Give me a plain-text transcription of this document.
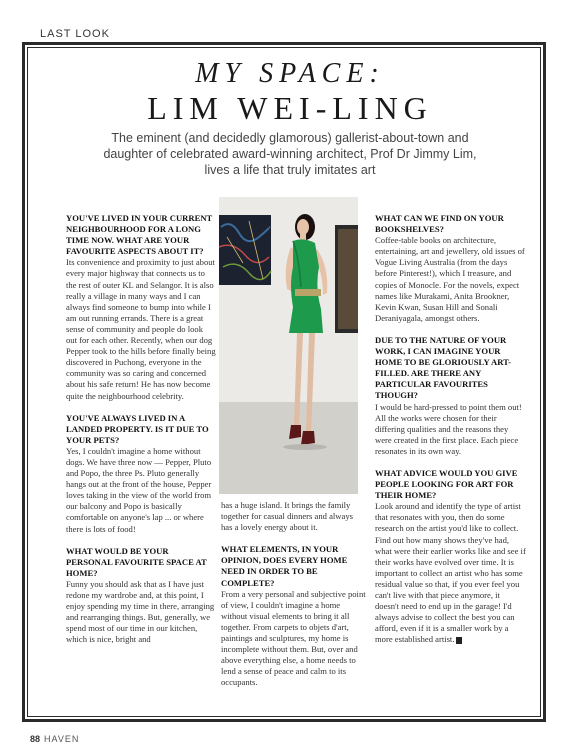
LAST LOOK
MY SPACE:
LIM WEI-LING
The eminent (and decidedly glamorous) gallerist-about-town and daughter of celebrated award-winning architect, Prof Dr Jimmy Lim, lives a life that truly imitates art
YOU'VE LIVED IN YOUR CURRENT NEIGHBOURHOOD FOR A LONG TIME NOW. WHAT ARE YOUR FAVOURITE ASPECTS ABOUT IT?

Its convenience and proximity to just about every major highway that connects us to the rest of outer KL and Selangor. It is also really a village in many ways and I can always find someone to bump into while I am out running errands. There is a great sense of community and people do look out for each other. Recently, when our dog Pepper took to the hills before finally being discovered in Puchong, everyone in the community was so caring and concerned about his safe return! He has now become quite the neighbourhood celebrity.

YOU'VE ALWAYS LIVED IN A LANDED PROPERTY. IS IT DUE TO YOUR PETS?

Yes, I couldn't imagine a home without dogs. We have three now — Pepper, Pluto and Popo, the three Ps. Pluto generally hangs out at the front of the house, Pepper loves taking in the view of the world from our balcony and Popo is basically comfortable on anyone's lap ... or where there is lots of food!

WHAT WOULD BE YOUR PERSONAL FAVOURITE SPACE AT HOME?

Funny you should ask that as I have just redone my wardrobe and, at this point, I enjoy spending my time in there, arranging and rearranging things. But, generally, we spend most of our time in our kitchen, which is nice, bright and

has a huge island. It brings the family together for casual dinners and always has a lovely energy about it.

WHAT ELEMENTS, IN YOUR OPINION, DOES EVERY HOME NEED IN ORDER TO BE COMPLETE?

From a very personal and subjective point of view, I couldn't imagine a home without visual elements to bring it all together. From carpets to objets d'art, paintings and sculptures, my home is incomplete without them. But, over and above everything else, a home needs to lend a sense of peace and calm to its occupants.

WHAT CAN WE FIND ON YOUR BOOKSHELVES?

Coffee-table books on architecture, entertaining, art and jewellery, old issues of Vogue Living Australia (from the days before Pinterest!), which I treasure, and copies of Monocle. For the novels, expect names like Murakami, Anita Brookner, Kevin Kwan, Susan Hill and Sonali Deraniyagala, amongst others.

DUE TO THE NATURE OF YOUR WORK, I CAN IMAGINE YOUR HOME TO BE GLORIOUSLY ART-FILLED. ARE THERE ANY PARTICULAR FAVOURITES THOUGH?

I would be hard-pressed to point them out! All the works were chosen for their differing qualities and the reasons they were created in the first place. Each piece resonates in its own way.

WHAT ADVICE WOULD YOU GIVE PEOPLE LOOKING FOR ART FOR THEIR HOME?

Look around and identify the type of artist that resonates with you, then do some research on the artist you'd like to collect. Find out how many shows they've had, what were their earlier works like and see if their works have evolved over time. It is important to collect an artist who has some residual value so that, if you ever feel you can't live with that piece anymore, it doesn't need to end up in the garage! I'd always advise to collect the best you can afford, even if it is a smaller work by a more established artist.

88 HAVEN
